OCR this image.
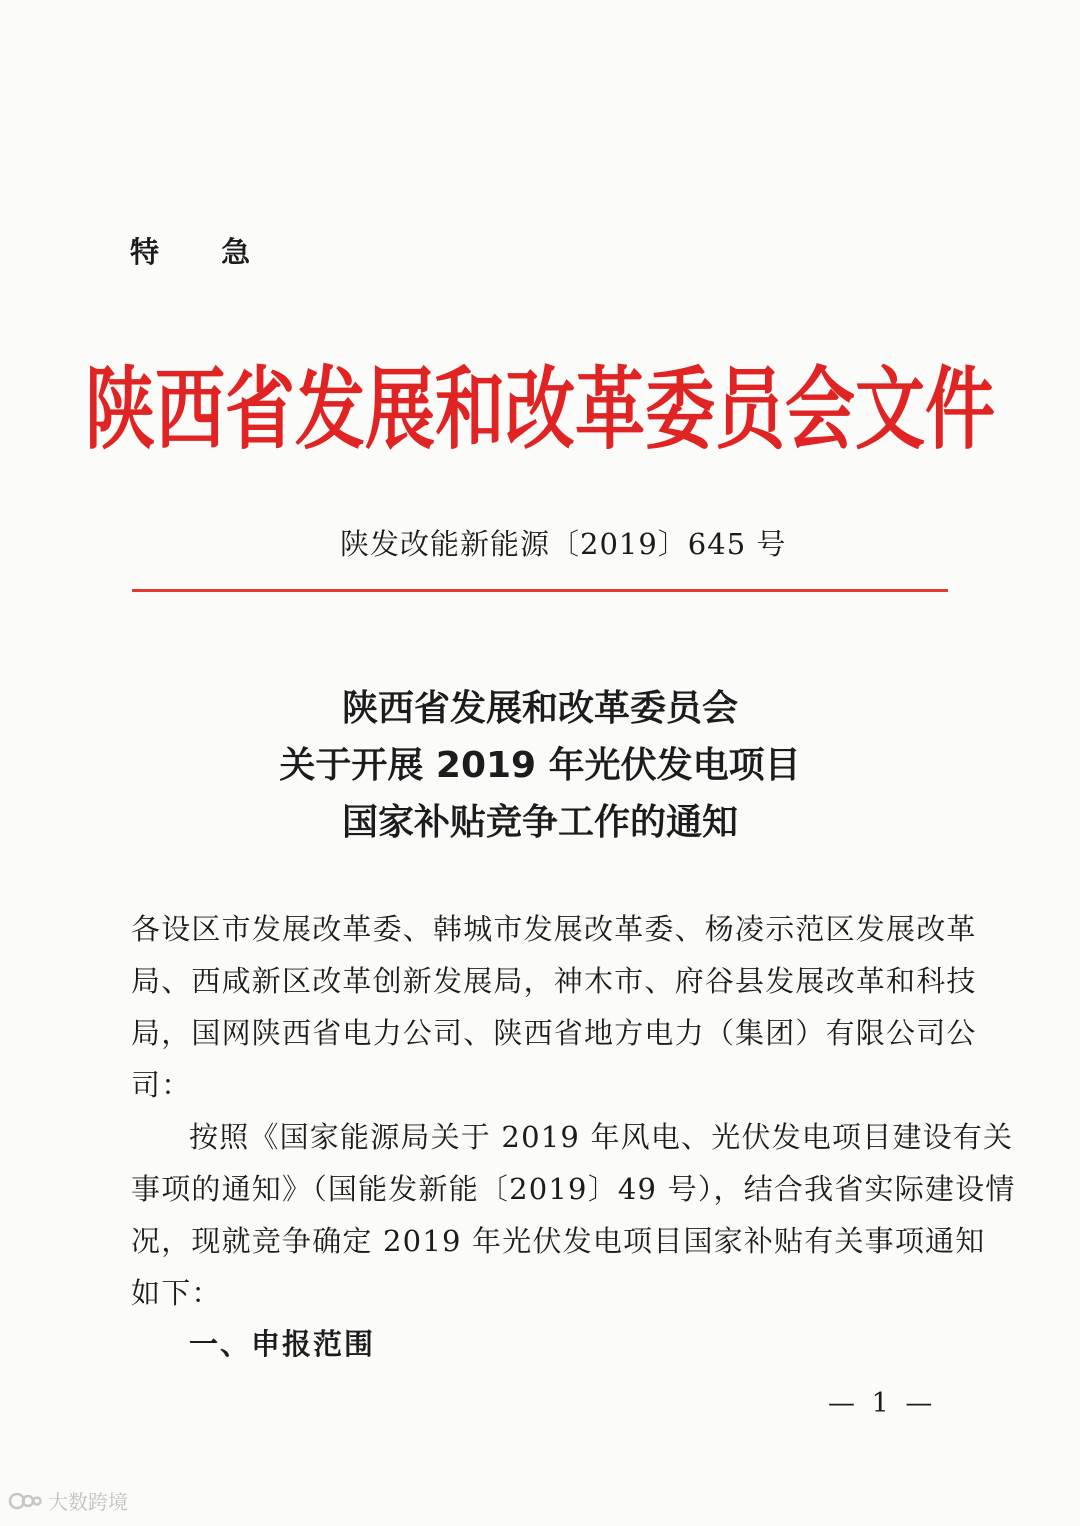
特 急
陕西省发展和改革委员会文件
陕发改能新能源〔2019〕645 号
陕西省发展和改革委员会
关于开展 2019 年光伏发电项目
国家补贴竞争工作的通知
各设区市发展改革委、韩城市发展改革委、杨凌示范区发展改革
局、西咸新区改革创新发展局，神木市、府谷县发展改革和科技
局，国网陕西省电力公司、陕西省地方电力（集团）有限公司公
司：
按照《国家能源局关于 2019 年风电、光伏发电项目建设有关
事项的通知》（国能发新能〔2019〕49 号），结合我省实际建设情
况，现就竞争确定 2019 年光伏发电项目国家补贴有关事项通知
如下：
一、申报范围
— 1 —
大数跨境
